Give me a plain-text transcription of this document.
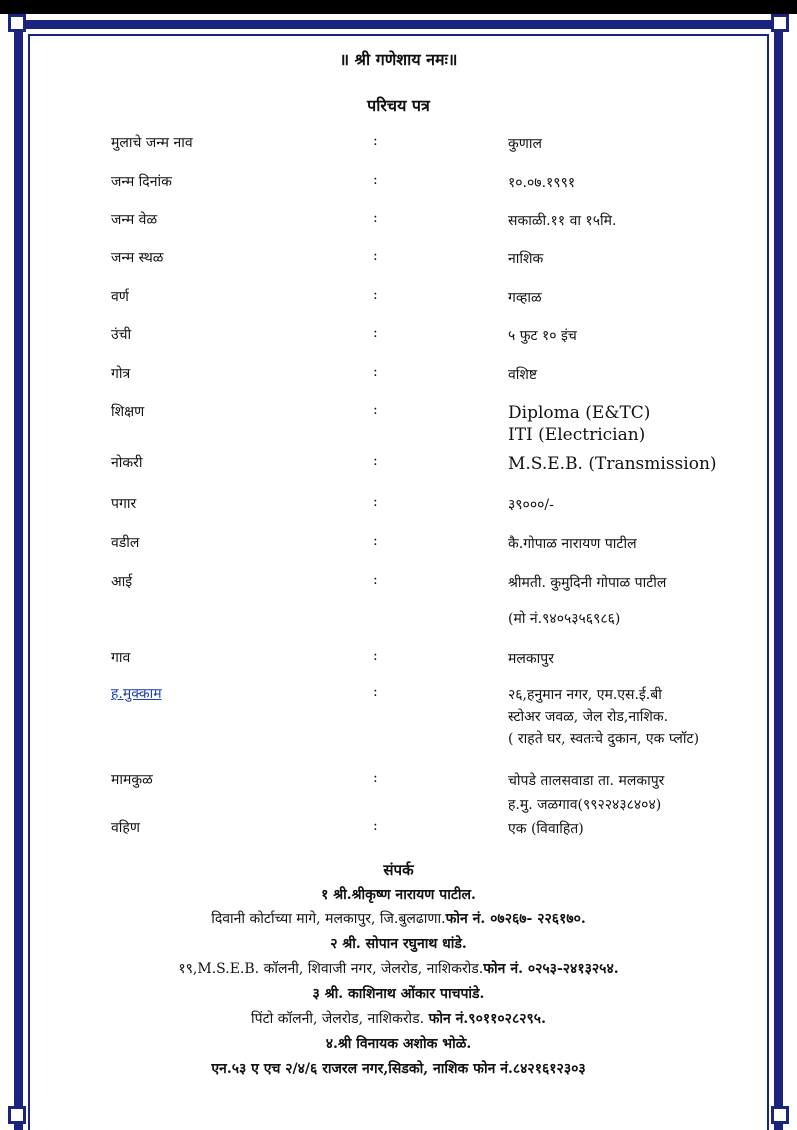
॥ श्री गणेशाय नमः॥
परिचय पत्र
मुलाचे जन्म नाव	:	कुणाल
जन्म दिनांक	:	१०.०७.१९९१
जन्म वेळ	:	सकाळी.११ वा १५मि.
जन्म स्थळ	:	नाशिक
वर्ण	:	गव्हाळ
उंची	:	५ फुट १० इंच
गोत्र	:	वशिष्ट
शिक्षण	:	Diploma (E&TC)
ITI (Electrician)
नोकरी	:	M.S.E.B. (Transmission)
पगार	:	३९०००/-
वडील	:	कै.गोपाळ नारायण पाटील
आई	:	श्रीमती. कुमुदिनी गोपाळ पाटील
(मो नं.९४०५३५६९८६)
गाव	:	मलकापुर
ह.मुक्काम	:	२६,हनुमान नगर, एम.एस.ई.बी
स्टोअर जवळ, जेल रोड,नाशिक.
( राहते घर, स्वतःचे दुकान, एक प्लॉट)
मामकुळ	:	चोपडे तालसवाडा ता. मलकापुर
ह.मु. जळगाव(९९२२४३८४०४)
वहिण	:	एक (विवाहित)
संपर्क
१ श्री.श्रीकृष्ण नारायण पाटील.
दिवानी कोर्टाच्या मागे, मलकापुर, जि.बुलढाणा.फोन नं. ०७२६७- २२६१७०.
२ श्री. सोपान रघुनाथ धांडे.
१९,M.S.E.B. कॉलनी, शिवाजी नगर, जेलरोड, नाशिकरोड.फोन नं. ०२५३-२४१३२५४.
३ श्री. काशिनाथ ओंकार पाचपांडे.
पिंटो कॉलनी, जेलरोड, नाशिकरोड. फोन नं.९०११०२८२९५.
४.श्री विनायक अशोक भोळे.
एन.५३ ए एच २/४/६ राजरल नगर,सिडको, नाशिक फोन नं.८४२१६१२३०३
